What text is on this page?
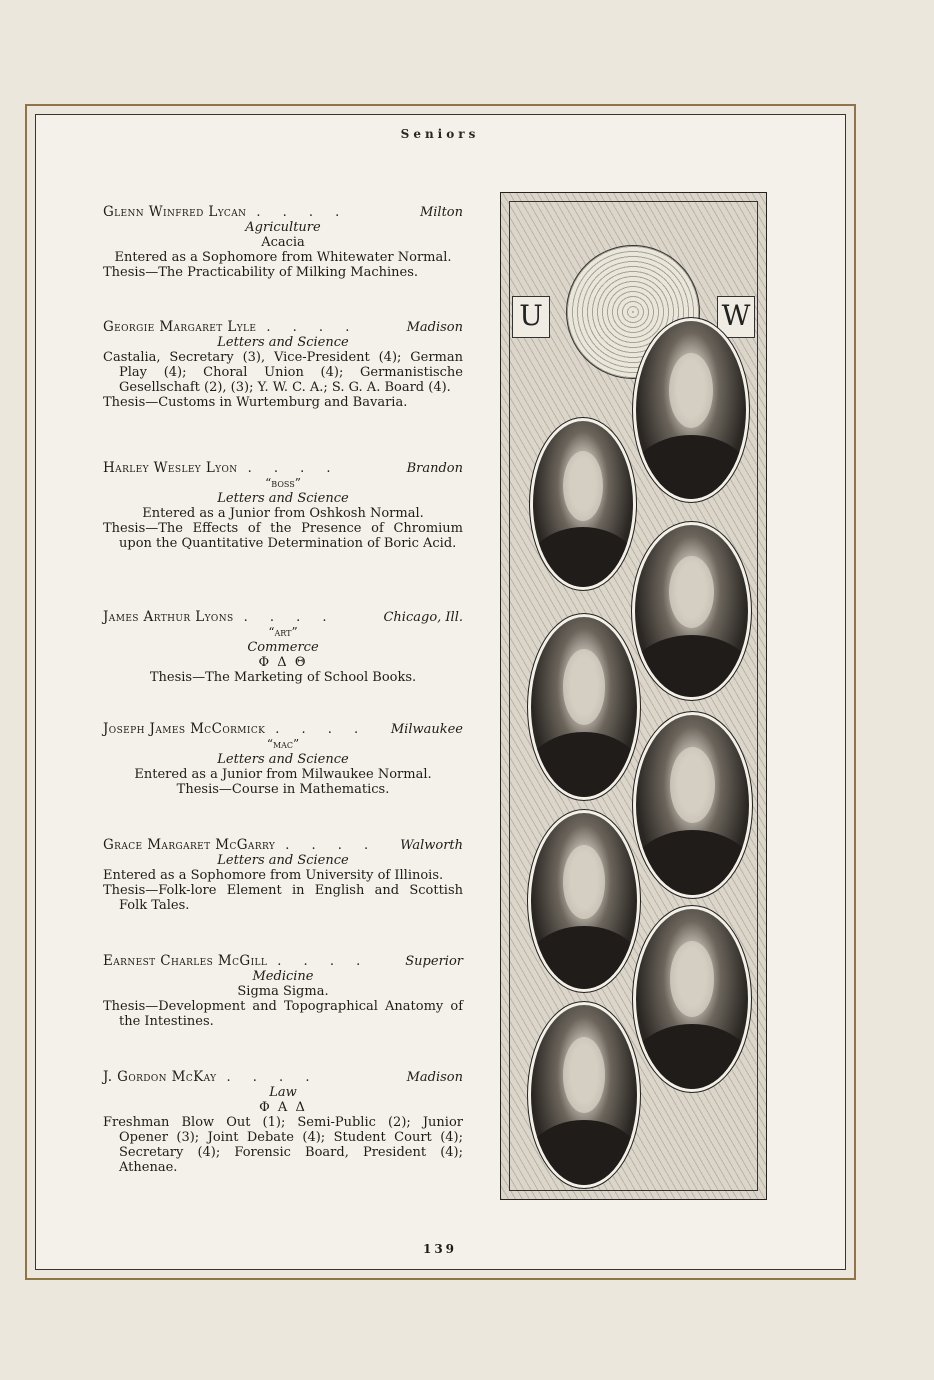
Seniors
Glenn Winfred Lycan . . . .	Milton
Agriculture
Acacia
Entered as a Sophomore from Whitewater Normal.
Thesis—The Practicability of Milking Machines.
Georgie Margaret Lyle . . . .	Madison
Letters and Science
Castalia, Secretary (3), Vice-President (4); German Play (4); Choral Union (4); Germanistische Gesellschaft (2), (3); Y. W. C. A.; S. G. A. Board (4).
Thesis—Customs in Wurtemburg and Bavaria.
Harley Wesley Lyon . . . .	Brandon
“boss”
Letters and Science
Entered as a Junior from Oshkosh Normal.
Thesis—The Effects of the Presence of Chromium upon the Quantitative Determination of Boric Acid.
James Arthur Lyons . . . .	Chicago, Ill.
“art”
Commerce
Φ Δ Θ
Thesis—The Marketing of School Books.
Joseph James McCormick . . . .	Milwaukee
“mac”
Letters and Science
Entered as a Junior from Milwaukee Normal.
Thesis—Course in Mathematics.
Grace Margaret McGarry . . . .	Walworth
Letters and Science
Entered as a Sophomore from University of Illinois.
Thesis—Folk-lore Element in English and Scottish Folk Tales.
Earnest Charles McGill . . . .	Superior
Medicine
Sigma Sigma.
Thesis—Development and Topographical Anatomy of the Intestines.
J. Gordon McKay . . . .	Madison
Law
Φ Α Δ
Freshman Blow Out (1); Semi-Public (2); Junior Opener (3); Joint Debate (4); Student Court (4); Secretary (4); Forensic Board, President (4); Athenae.
U	W
139
